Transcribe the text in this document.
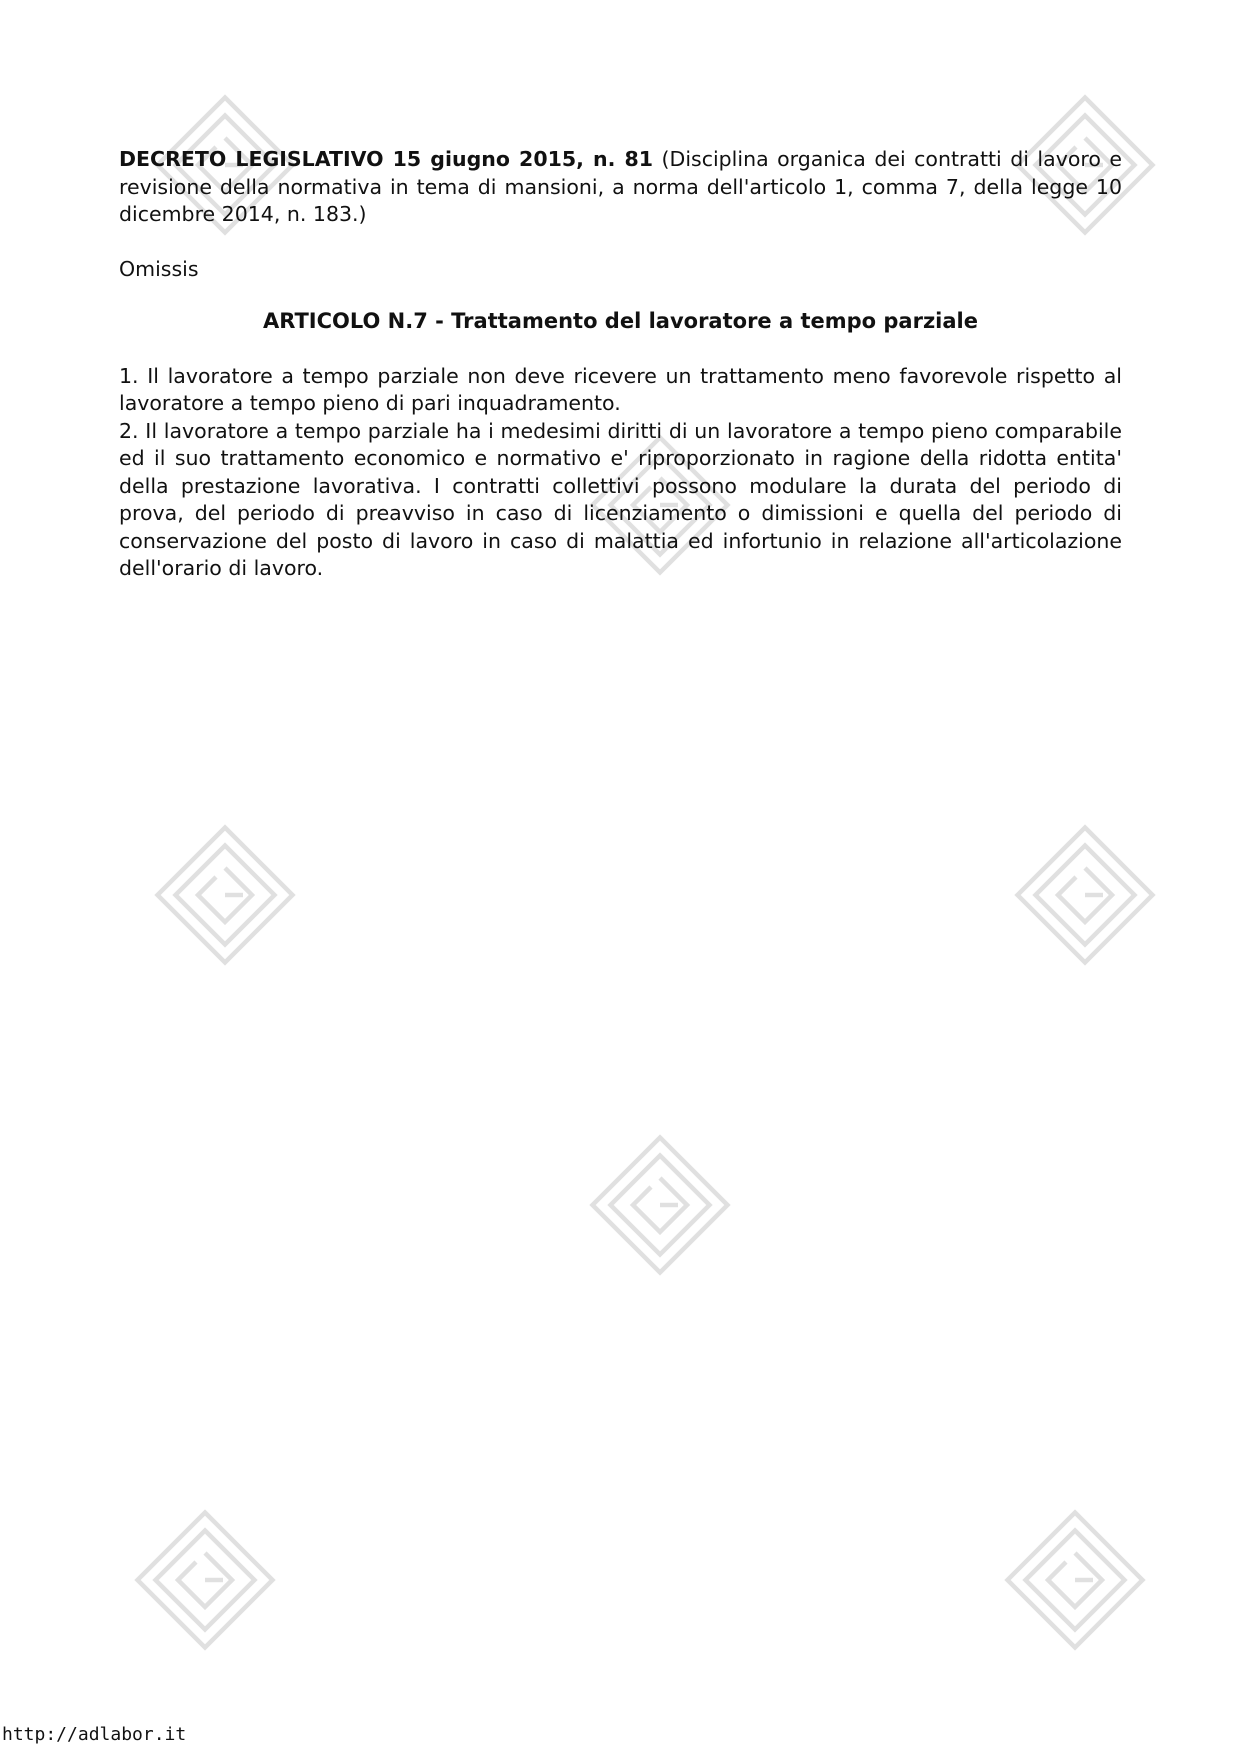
DECRETO LEGISLATIVO 15 giugno 2015, n. 81 (Disciplina organica dei contratti di lavoro e revisione della normativa in tema di mansioni, a norma dell'articolo 1, comma 7, della legge 10 dicembre 2014, n. 183.)

Omissis

ARTICOLO N.7 - Trattamento del lavoratore a tempo parziale

1. Il lavoratore a tempo parziale non deve ricevere un trattamento meno favorevole rispetto al lavoratore a tempo pieno di pari inquadramento.

2. Il lavoratore a tempo parziale ha i medesimi diritti di un lavoratore a tempo pieno comparabile ed il suo trattamento economico e normativo e' riproporzionato in ragione della ridotta entita' della prestazione lavorativa. I contratti collettivi possono modulare la durata del periodo di prova, del periodo di preavviso in caso di licenziamento o dimissioni e quella del periodo di conservazione del posto di lavoro in caso di malattia ed infortunio in relazione all'articolazione dell'orario di lavoro.

http://adlabor.it
